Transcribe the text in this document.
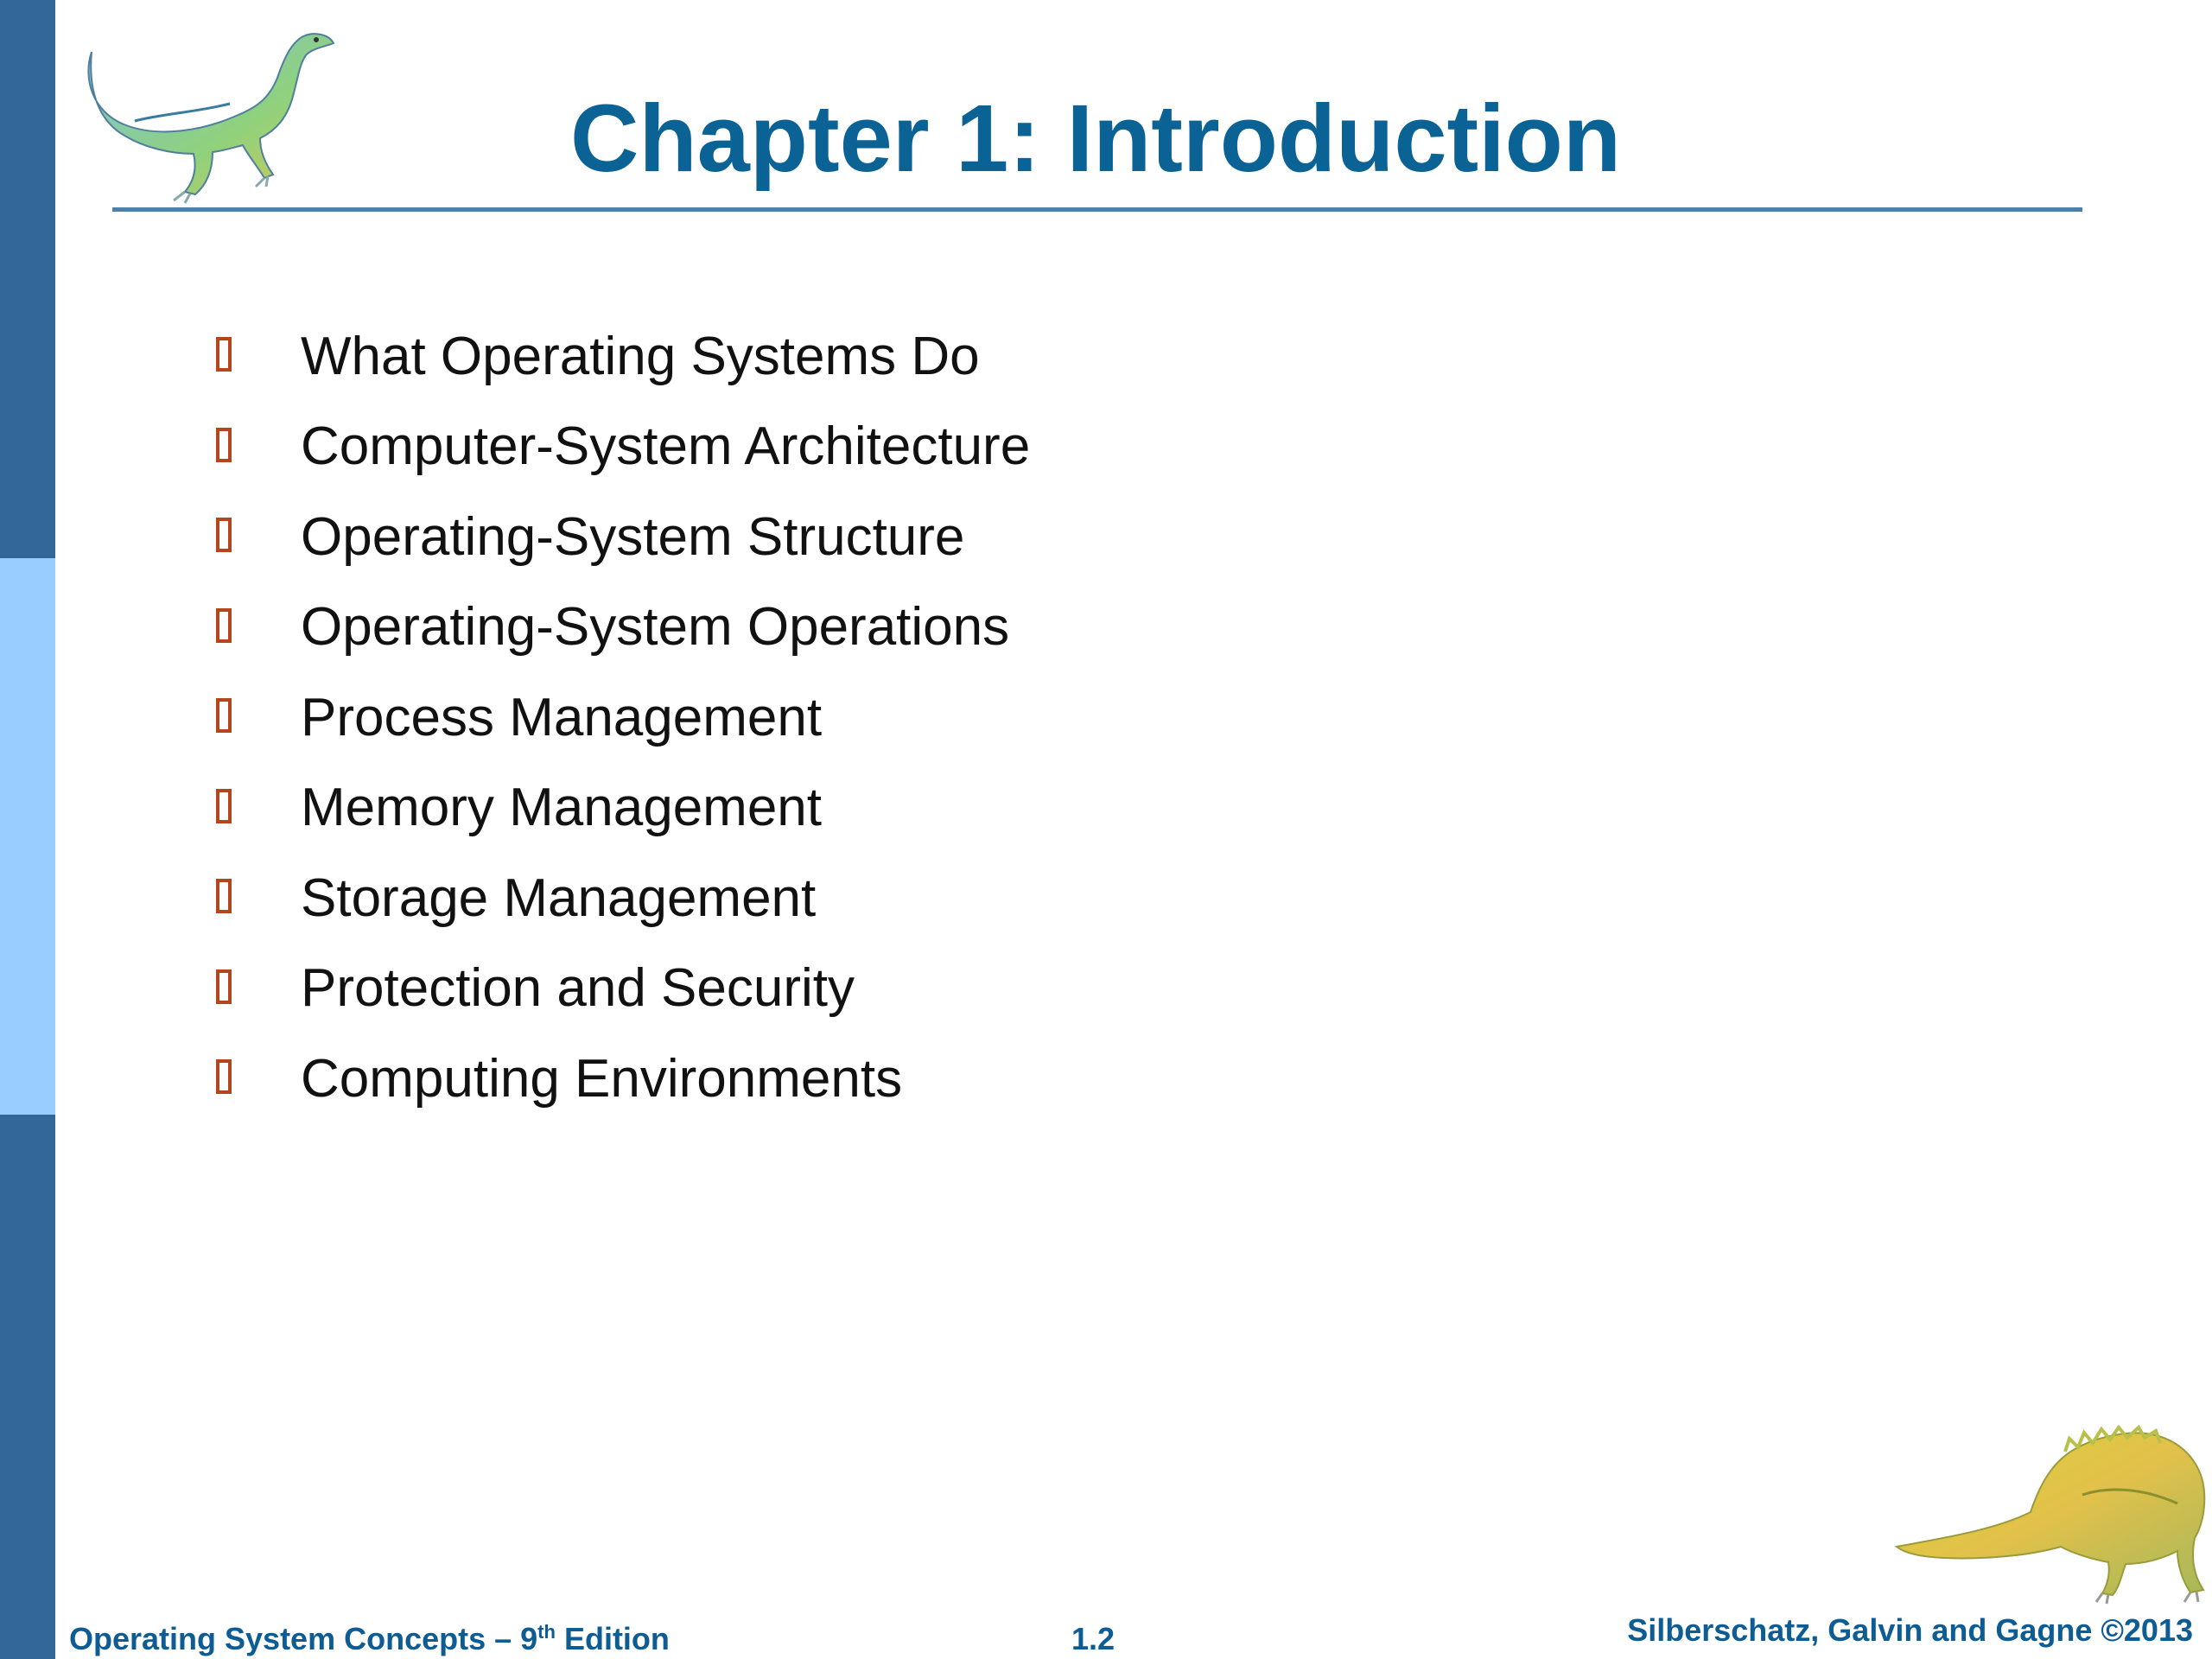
Chapter 1: Introduction
What Operating Systems Do
Computer-System Architecture
Operating-System Structure
Operating-System Operations
Process Management
Memory Management
Storage Management
Protection and Security
Computing Environments
Operating System Concepts – 9th Edition	1.2	Silberschatz, Galvin and Gagne ©2013
